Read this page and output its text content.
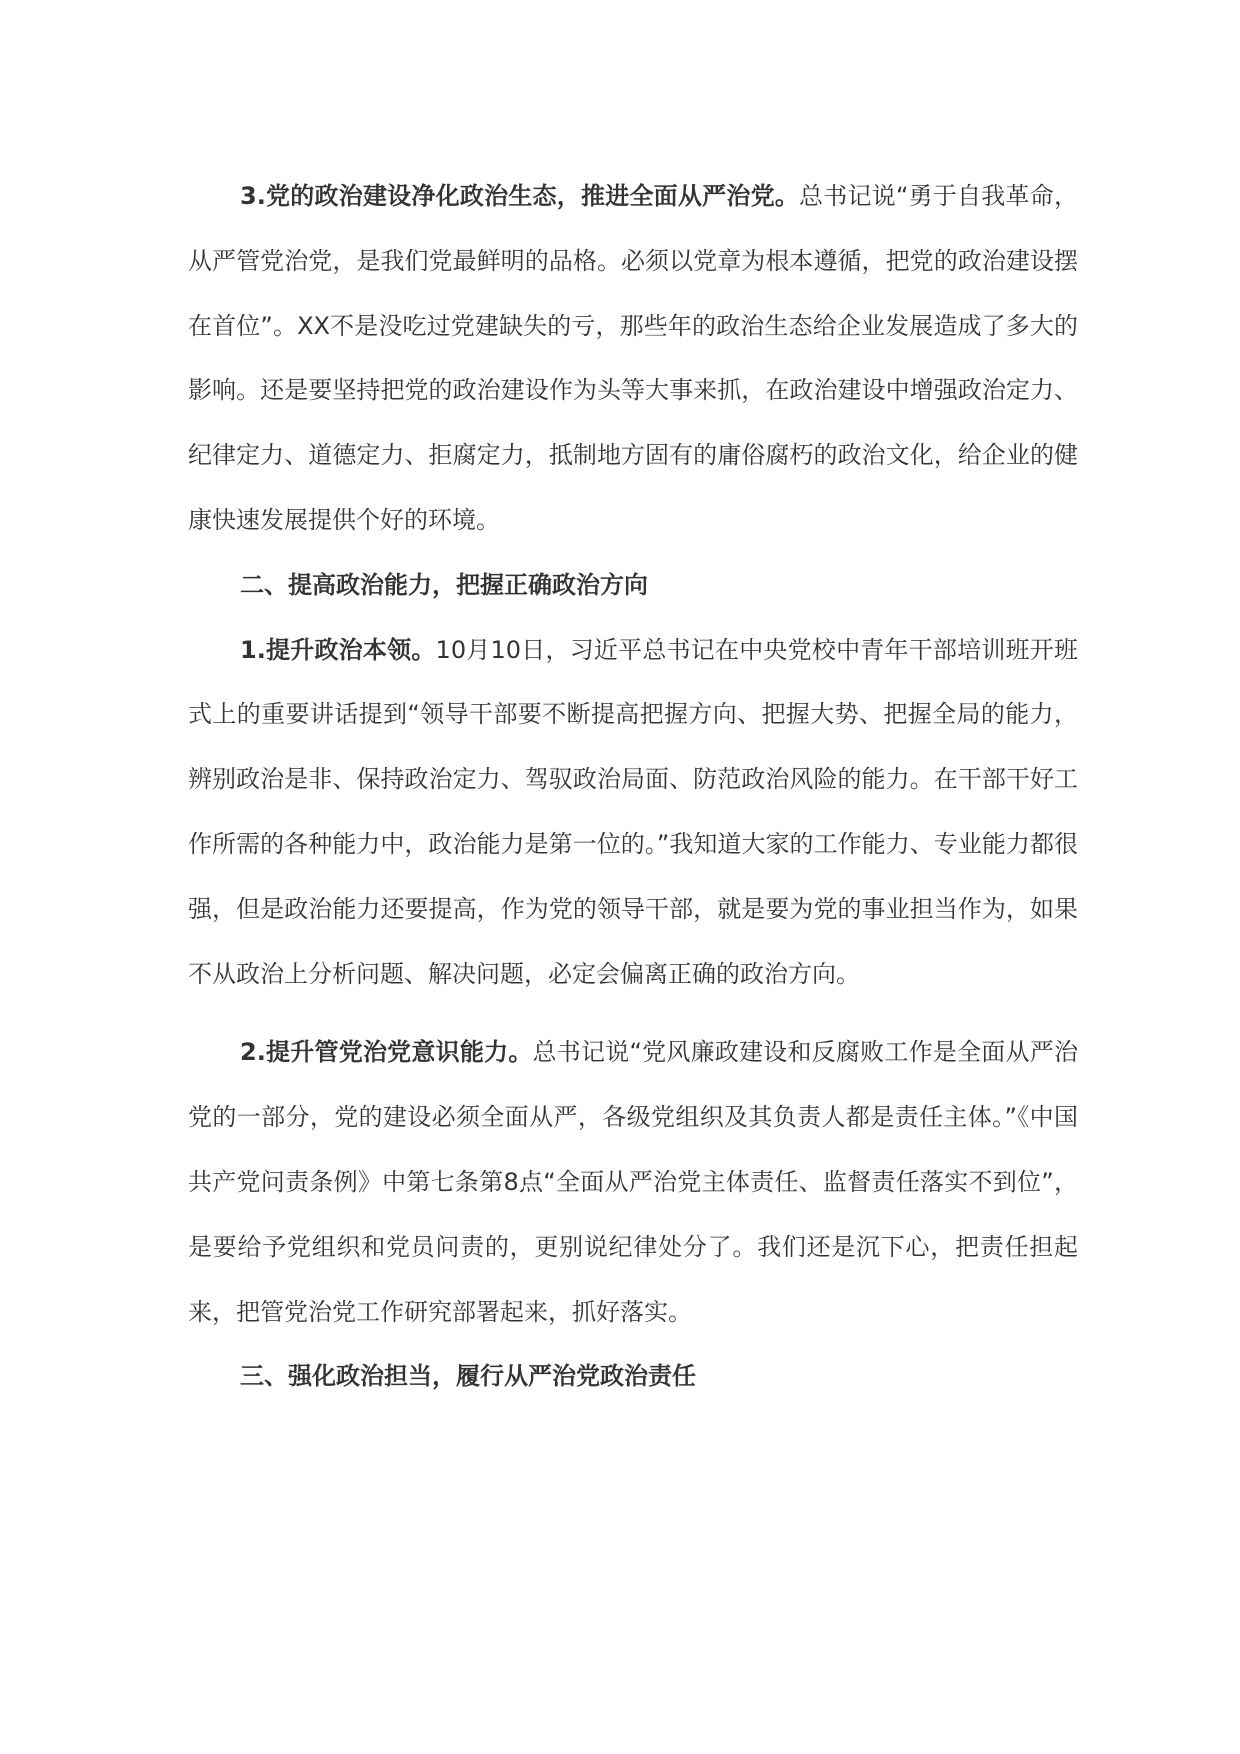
3.党的政治建设净化政治生态，推进全面从严治党。总书记说“勇于自我革命，从严管党治党，是我们党最鲜明的品格。必须以党章为根本遵循，把党的政治建设摆在首位”。XX不是没吃过党建缺失的亏，那些年的政治生态给企业发展造成了多大的影响。还是要坚持把党的政治建设作为头等大事来抓，在政治建设中增强政治定力、纪律定力、道德定力、拒腐定力，抵制地方固有的庸俗腐朽的政治文化，给企业的健康快速发展提供个好的环境。

二、提高政治能力，把握正确政治方向

1.提升政治本领。10月10日，习近平总书记在中央党校中青年干部培训班开班式上的重要讲话提到“领导干部要不断提高把握方向、把握大势、把握全局的能力，辨别政治是非、保持政治定力、驾驭政治局面、防范政治风险的能力。在干部干好工作所需的各种能力中，政治能力是第一位的。”我知道大家的工作能力、专业能力都很强，但是政治能力还要提高，作为党的领导干部，就是要为党的事业担当作为，如果不从政治上分析问题、解决问题，必定会偏离正确的政治方向。

2.提升管党治党意识能力。总书记说“党风廉政建设和反腐败工作是全面从严治党的一部分，党的建设必须全面从严，各级党组织及其负责人都是责任主体。”《中国共产党问责条例》中第七条第8点“全面从严治党主体责任、监督责任落实不到位”，是要给予党组织和党员问责的，更别说纪律处分了。我们还是沉下心，把责任担起来，把管党治党工作研究部署起来，抓好落实。

三、强化政治担当，履行从严治党政治责任
